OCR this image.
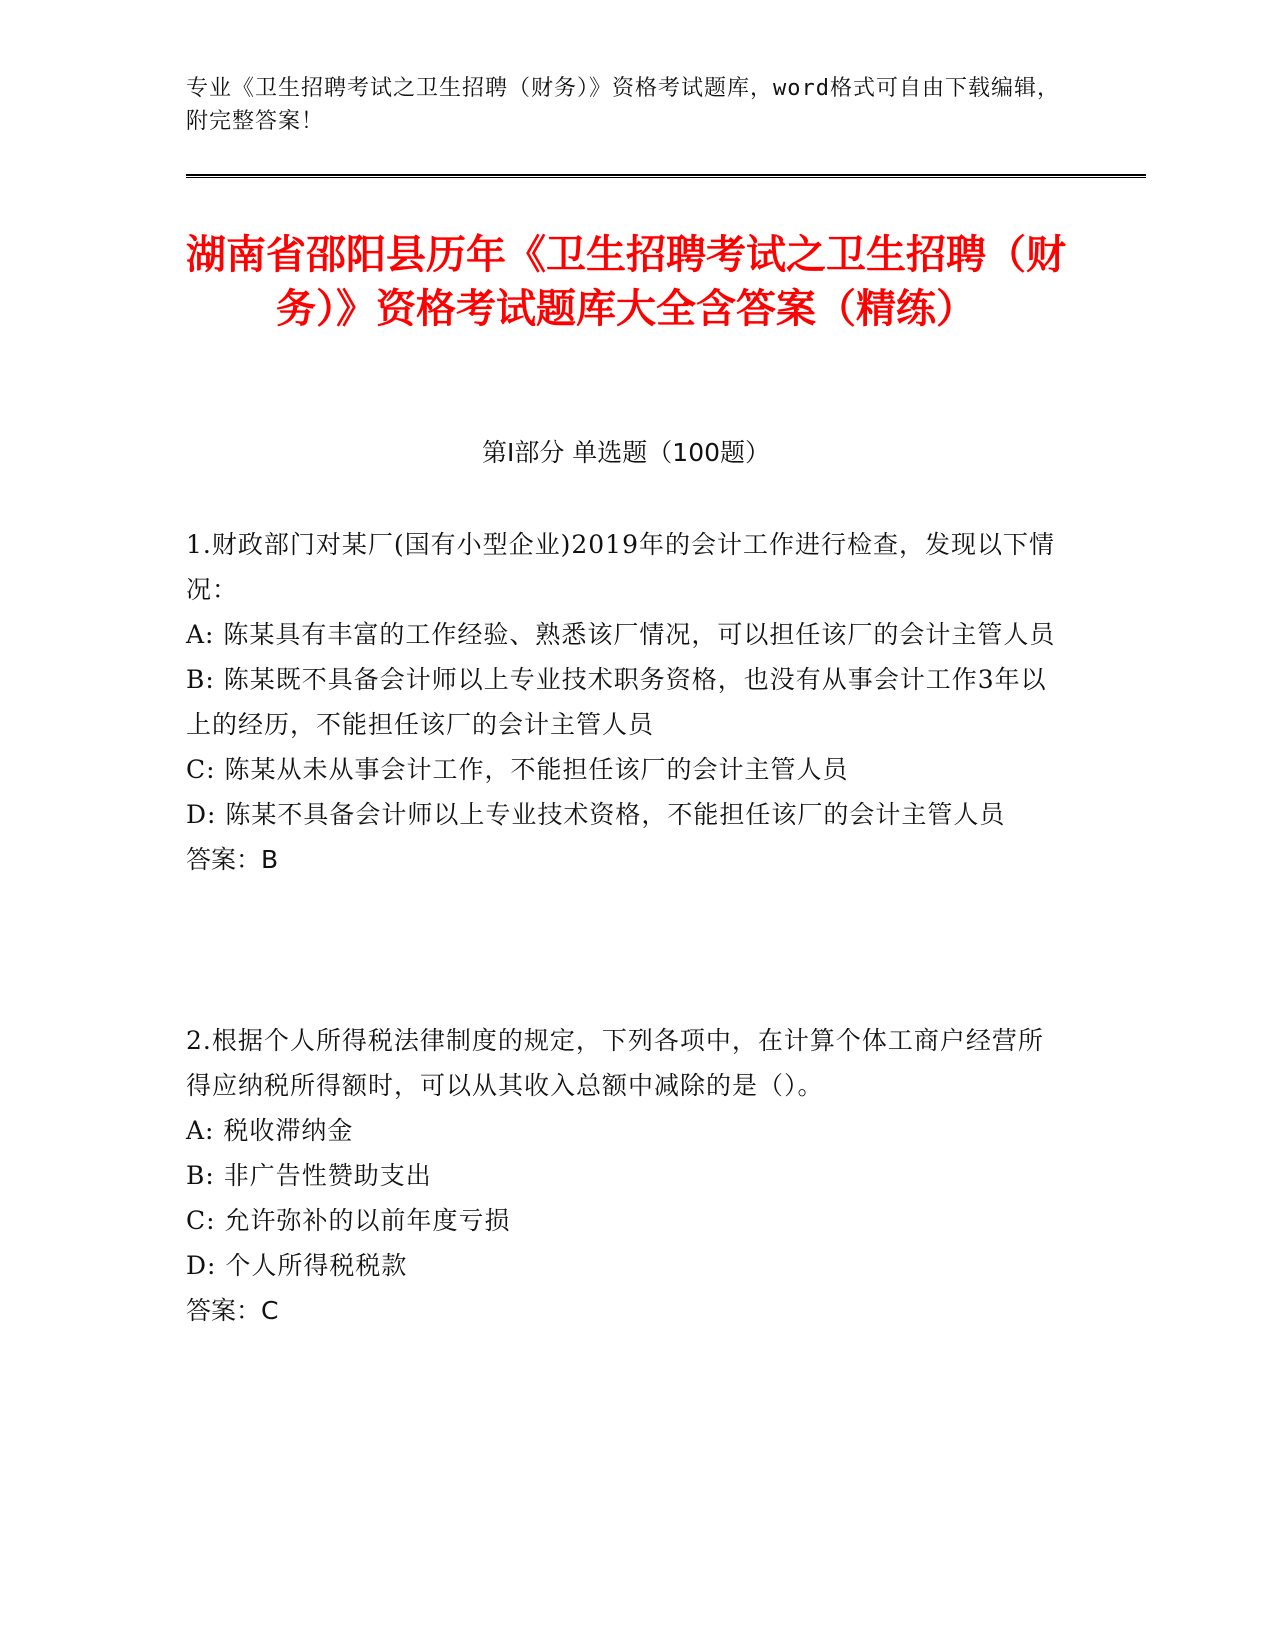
专业《卫生招聘考试之卫生招聘（财务）》资格考试题库，word格式可自由下载编辑，附完整答案！
湖南省邵阳县历年《卫生招聘考试之卫生招聘（财务）》资格考试题库大全含答案（精练）
第Ⅰ部分 单选题（100题）
1.财政部门对某厂(国有小型企业)2019年的会计工作进行检查，发现以下情况：
A: 陈某具有丰富的工作经验、熟悉该厂情况，可以担任该厂的会计主管人员
B: 陈某既不具备会计师以上专业技术职务资格，也没有从事会计工作3年以上的经历，不能担任该厂的会计主管人员
C: 陈某从未从事会计工作，不能担任该厂的会计主管人员
D: 陈某不具备会计师以上专业技术资格，不能担任该厂的会计主管人员
答案：B
2.根据个人所得税法律制度的规定，下列各项中，在计算个体工商户经营所得应纳税所得额时，可以从其收入总额中减除的是（）。
A: 税收滞纳金
B: 非广告性赞助支出
C: 允许弥补的以前年度亏损
D: 个人所得税税款
答案：C
